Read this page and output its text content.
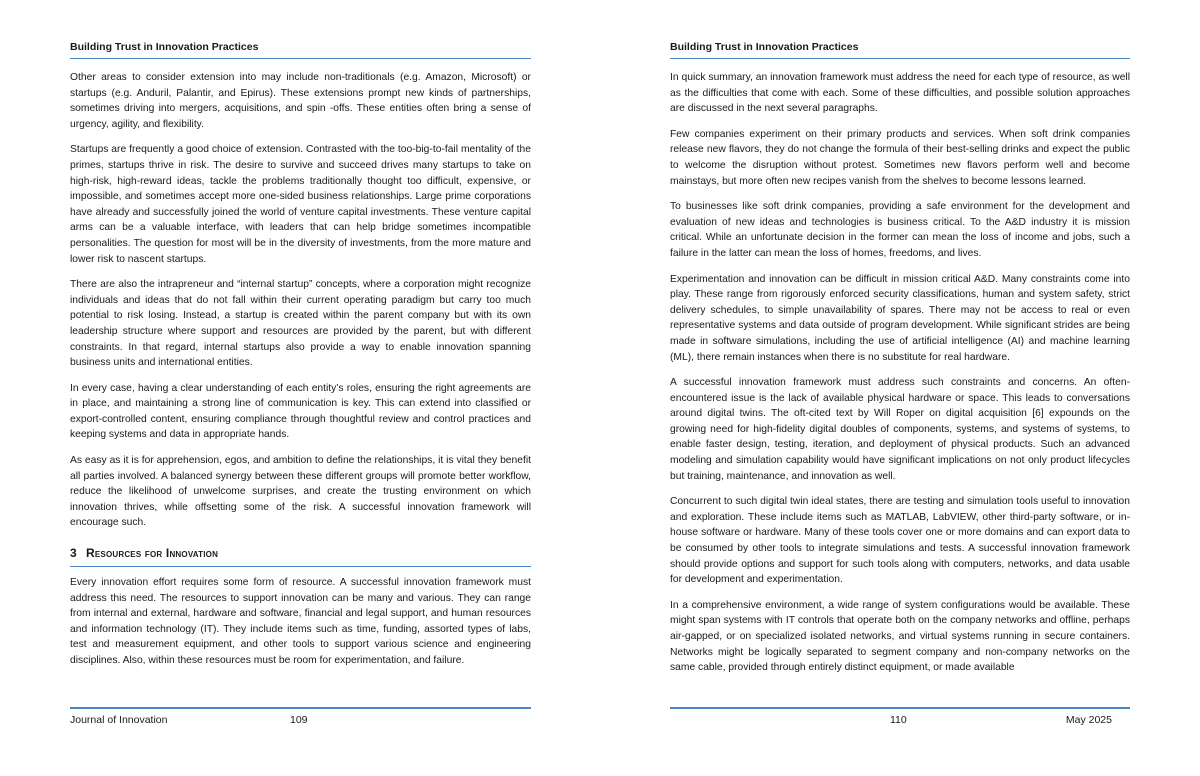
Building Trust in Innovation Practices

Other areas to consider extension into may include non-traditionals (e.g. Amazon, Microsoft) or startups (e.g. Anduril, Palantir, and Epirus). These extensions prompt new kinds of partnerships, sometimes driving into mergers, acquisitions, and spin -offs. These entities often bring a sense of urgency, agility, and flexibility.

Startups are frequently a good choice of extension. Contrasted with the too-big-to-fail mentality of the primes, startups thrive in risk. The desire to survive and succeed drives many startups to take on high-risk, high-reward ideas, tackle the problems traditionally thought too difficult, expensive, or impossible, and sometimes accept more one-sided business relationships. Large prime corporations have already and successfully joined the world of venture capital investments. These venture capital arms can be a valuable interface, with leaders that can help bridge sometimes incompatible personalities. The question for most will be in the diversity of investments, from the more mature and lower risk to nascent startups.

There are also the intrapreneur and “internal startup” concepts, where a corporation might recognize individuals and ideas that do not fall within their current operating paradigm but carry too much potential to risk losing. Instead, a startup is created within the parent company but with its own leadership structure where support and resources are provided by the parent, but with different constraints. In that regard, internal startups also provide a way to enable innovation spanning business units and international entities.

In every case, having a clear understanding of each entity’s roles, ensuring the right agreements are in place, and maintaining a strong line of communication is key. This can extend into classified or export-controlled content, ensuring compliance through thoughtful review and control practices and keeping systems and data in appropriate hands.

As easy as it is for apprehension, egos, and ambition to define the relationships, it is vital they benefit all parties involved. A balanced synergy between these different groups will promote better workflow, reduce the likelihood of unwelcome surprises, and create the trusting environment on which innovation thrives, while offsetting some of the risk. A successful innovation framework will encourage such.

3 Resources for Innovation

Every innovation effort requires some form of resource. A successful innovation framework must address this need. The resources to support innovation can be many and various. They can range from internal and external, hardware and software, financial and legal support, and human resources and information technology (IT). They include items such as time, funding, assorted types of labs, test and measurement equipment, and other tools to support various science and engineering disciplines. Also, within these resources must be room for experimentation, and failure.

Journal of Innovation	109
Building Trust in Innovation Practices

In quick summary, an innovation framework must address the need for each type of resource, as well as the difficulties that come with each. Some of these difficulties, and possible solution approaches are discussed in the next several paragraphs.

Few companies experiment on their primary products and services. When soft drink companies release new flavors, they do not change the formula of their best-selling drinks and expect the public to welcome the disruption without protest. Sometimes new flavors perform well and become mainstays, but more often new recipes vanish from the shelves to become lessons learned.

To businesses like soft drink companies, providing a safe environment for the development and evaluation of new ideas and technologies is business critical. To the A&D industry it is mission critical. While an unfortunate decision in the former can mean the loss of income and jobs, such a failure in the latter can mean the loss of homes, freedoms, and lives.

Experimentation and innovation can be difficult in mission critical A&D. Many constraints come into play. These range from rigorously enforced security classifications, human and system safety, strict delivery schedules, to simple unavailability of spares. There may not be access to real or even representative systems and data outside of program development. While significant strides are being made in software simulations, including the use of artificial intelligence (AI) and machine learning (ML), there remain instances when there is no substitute for real hardware.

A successful innovation framework must address such constraints and concerns. An often-encountered issue is the lack of available physical hardware or space. This leads to conversations around digital twins. The oft-cited text by Will Roper on digital acquisition [6] expounds on the growing need for high-fidelity digital doubles of components, systems, and systems of systems, to enable faster design, testing, iteration, and deployment of physical products. Such an advanced modeling and simulation capability would have significant implications on not only product lifecycles but training, maintenance, and innovation as well.

Concurrent to such digital twin ideal states, there are testing and simulation tools useful to innovation and exploration. These include items such as MATLAB, LabVIEW, other third-party software, or in-house software or hardware. Many of these tools cover one or more domains and can export data to be consumed by other tools to integrate simulations and tests. A successful innovation framework should provide options and support for such tools along with computers, networks, and data usable for development and experimentation.

In a comprehensive environment, a wide range of system configurations would be available. These might span systems with IT controls that operate both on the company networks and offline, perhaps air-gapped, or on specialized isolated networks, and virtual systems running in secure containers. Networks might be logically separated to segment company and non-company networks on the same cable, provided through entirely distinct equipment, or made available

110	May 2025
